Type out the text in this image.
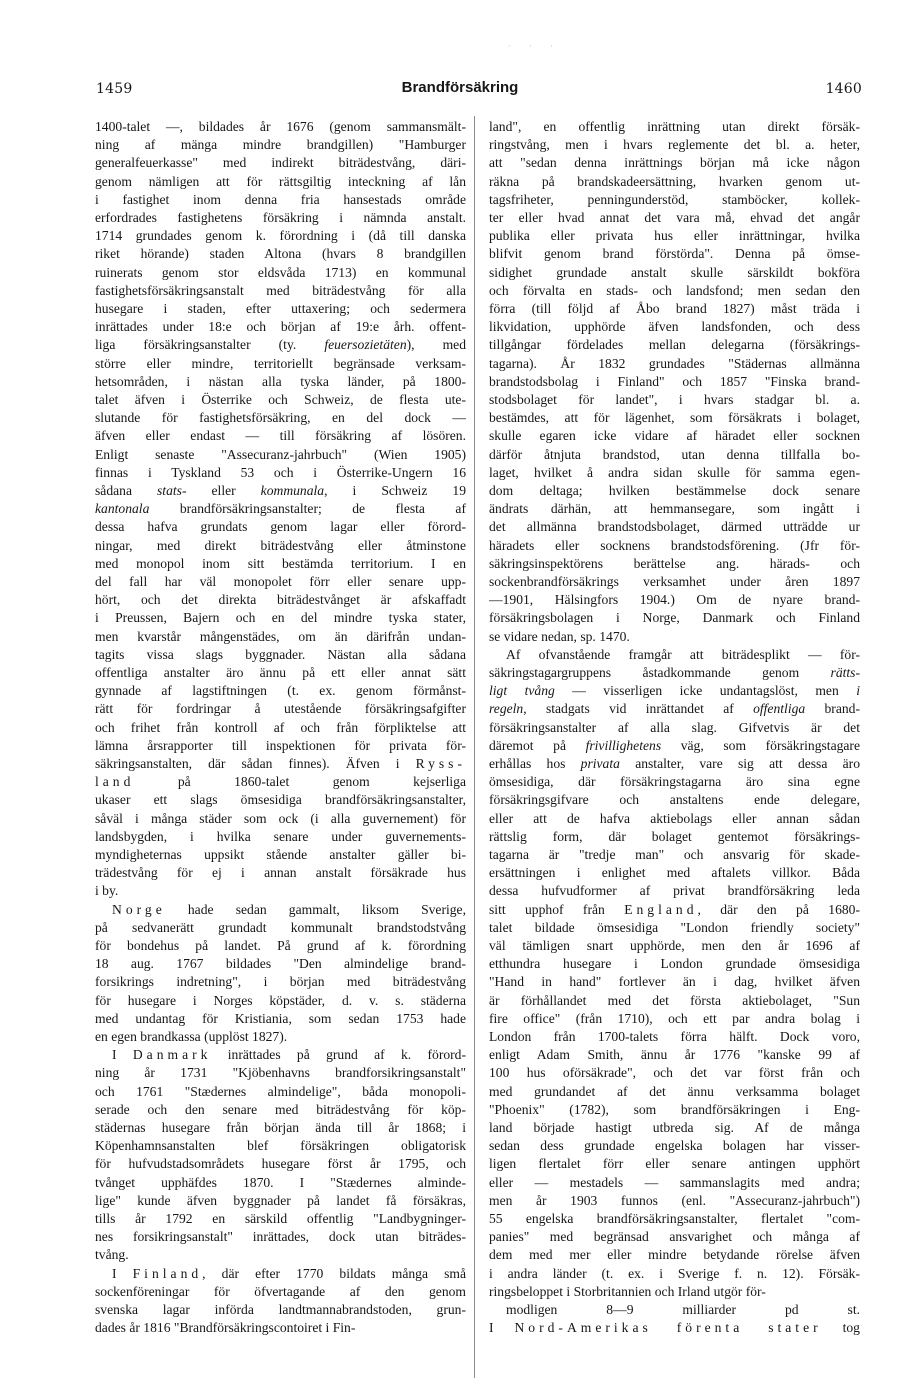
· · ·
1459	Brandförsäkring	1460
1400-talet —, bildades år 1676 (genom sammansmält-
ning af mänga mindre brandgillen) "Hamburger
generalfeuerkasse" med indirekt biträdestvång, däri-
genom nämligen att för rättsgiltig inteckning af lån
i fastighet inom denna fria hansestads område
erfordrades fastighetens försäkring i nämnda anstalt.
1714 grundades genom k. förordning i (då till danska
riket hörande) staden Altona (hvars 8 brandgillen
ruinerats genom stor eldsvåda 1713) en kommunal
fastighetsförsäkringsanstalt med biträdestvång för alla
husegare i staden, efter uttaxering; och sedermera
inrättades under 18:e och början af 19:e årh. offent-
liga försäkringsanstalter (ty. feuersozietäten), med
större eller mindre, territoriellt begränsade verksam-
hetsområden, i nästan alla tyska länder, på 1800-
talet äfven i Österrike och Schweiz, de flesta ute-
slutande för fastighetsförsäkring, en del dock —
äfven eller endast — till försäkring af lösören.
Enligt senaste "Assecuranz-jahrbuch" (Wien 1905)
finnas i Tyskland 53 och i Österrike-Ungern 16
sådana stats- eller kommunala, i Schweiz 19
kantonala brandförsäkringsanstalter; de flesta af
dessa hafva grundats genom lagar eller förord-
ningar, med direkt biträdestvång eller åtminstone
med monopol inom sitt bestämda territorium. I en
del fall har väl monopolet förr eller senare upp-
hört, och det direkta biträdestvånget är afskaffadt
i Preussen, Bajern och en del mindre tyska stater,
men kvarstår mångenstädes, om än därifrån undan-
tagits vissa slags byggnader. Nästan alla sådana
offentliga anstalter äro ännu på ett eller annat sätt
gynnade af lagstiftningen (t. ex. genom förmånst-
rätt för fordringar å utestående försäkringsafgifter
och frihet från kontroll af och från förpliktelse att
lämna årsrapporter till inspektionen för privata för-
säkringsanstalten, där sådan finnes). Äfven i Ryss-
land på 1860-talet genom kejserliga
ukaser ett slags ömsesidiga brandförsäkringsanstalter,
såväl i många städer som ock (i alla guvernement) för
landsbygden, i hvilka senare under guvernements-
myndigheternas uppsikt stående anstalter gäller bi-
trädestvång för ej i annan anstalt försäkrade hus
i by.
Norge hade sedan gammalt, liksom Sverige,
på sedvanerätt grundadt kommunalt brandstodstvång
för bondehus på landet. På grund af k. förordning
18 aug. 1767 bildades "Den almindelige brand-
forsikrings indretning", i början med biträdestvång
för husegare i Norges köpstäder, d. v. s. städerna
med undantag för Kristiania, som sedan 1753 hade
en egen brandkassa (upplöst 1827).
I Danmark inrättades på grund af k. förord-
ning år 1731 "Kjöbenhavns brandforsikringsanstalt"
och 1761 "Stædernes almindelige", båda monopoli-
serade och den senare med biträdestvång för köp-
städernas husegare från början ända till år 1868; i
Köpenhamnsanstalten blef försäkringen obligatorisk
för hufvudstadsområdets husegare först år 1795, och
tvånget upphäfdes 1870. I "Stædernes alminde-
lige" kunde äfven byggnader på landet få försäkras,
tills år 1792 en särskild offentlig "Landbygninger-
nes forsikringsanstalt" inrättades, dock utan biträdes-
tvång.
I Finland, där efter 1770 bildats många små
sockenföreningar för öfvertagande af den genom
svenska lagar införda landtmannabrandstoden, grun-
dades år 1816 "Brandförsäkringscontoiret i Fin-
land", en offentlig inrättning utan direkt försäk-
ringstvång, men i hvars reglemente det bl. a. heter,
att "sedan denna inrättnings början må icke någon
räkna på brandskadeersättning, hvarken genom ut-
tagsfriheter, penningunderstöd, stamböcker, kollek-
ter eller hvad annat det vara må, ehvad det angår
publika eller privata hus eller inrättningar, hvilka
blifvit genom brand förstörda". Denna på ömse-
sidighet grundade anstalt skulle särskildt bokföra
och förvalta en stads- och landsfond; men sedan den
förra (till följd af Åbo brand 1827) måst träda i
likvidation, upphörde äfven landsfonden, och dess
tillgångar fördelades mellan delegarna (försäkrings-
tagarna). År 1832 grundades "Städernas allmänna
brandstodsbolag i Finland" och 1857 "Finska brand-
stodsbolaget för landet", i hvars stadgar bl. a.
bestämdes, att för lägenhet, som försäkrats i bolaget,
skulle egaren icke vidare af häradet eller socknen
därför åtnjuta brandstod, utan denna tillfalla bo-
laget, hvilket å andra sidan skulle för samma egen-
dom deltaga; hvilken bestämmelse dock senare
ändrats därhän, att hemmansegare, som ingått i
det allmänna brandstodsbolaget, därmed utträdde ur
häradets eller socknens brandstodsförening. (Jfr för-
säkringsinspektörens berättelse ang. härads- och
sockenbrandförsäkrings verksamhet under åren 1897
—1901, Hälsingfors 1904.) Om de nyare brand-
försäkringsbolagen i Norge, Danmark och Finland
se vidare nedan, sp. 1470.
Af ofvanstående framgår att biträdesplikt — för-
säkringstagargruppens åstadkommande genom rätts-
ligt tvång — visserligen icke undantagslöst, men i
regeln, stadgats vid inrättandet af offentliga brand-
försäkringsanstalter af alla slag. Gifvetvis är det
däremot på frivillighetens väg, som försäkringstagare
erhållas hos privata anstalter, vare sig att dessa äro
ömsesidiga, där försäkringstagarna äro sina egne
försäkringsgifvare och anstaltens ende delegare,
eller att de hafva aktiebolags eller annan sådan
rättslig form, där bolaget gentemot försäkrings-
tagarna är "tredje man" och ansvarig för skade-
ersättningen i enlighet med aftalets villkor. Båda
dessa hufvudformer af privat brandförsäkring leda
sitt upphof från England, där den på 1680-
talet bildade ömsesidiga "London friendly society"
väl tämligen snart upphörde, men den år 1696 af
etthundra husegare i London grundade ömsesidiga
"Hand in hand" fortlever än i dag, hvilket äfven
är förhållandet med det första aktiebolaget, "Sun
fire office" (från 1710), och ett par andra bolag i
London från 1700-talets förra hälft. Dock voro,
enligt Adam Smith, ännu år 1776 "kanske 99 af
100 hus oförsäkrade", och det var först från och
med grundandet af det ännu verksamma bolaget
"Phoenix" (1782), som brandförsäkringen i Eng-
land började hastigt utbreda sig. Af de många
sedan dess grundade engelska bolagen har visser-
ligen flertalet förr eller senare antingen upphört
eller — mestadels — sammanslagits med andra;
men år 1903 funnos (enl. "Assecuranz-jahrbuch")
55 engelska brandförsäkringsanstalter, flertalet "com-
panies" med begränsad ansvarighet och många af
dem med mer eller mindre betydande rörelse äfven
i andra länder (t. ex. i Sverige f. n. 12). Försäk-
ringsbeloppet i Storbritannien och Irland utgör för-
modligen 8—9 milliarder pd st.
I Nord-Amerikas förenta stater tog
